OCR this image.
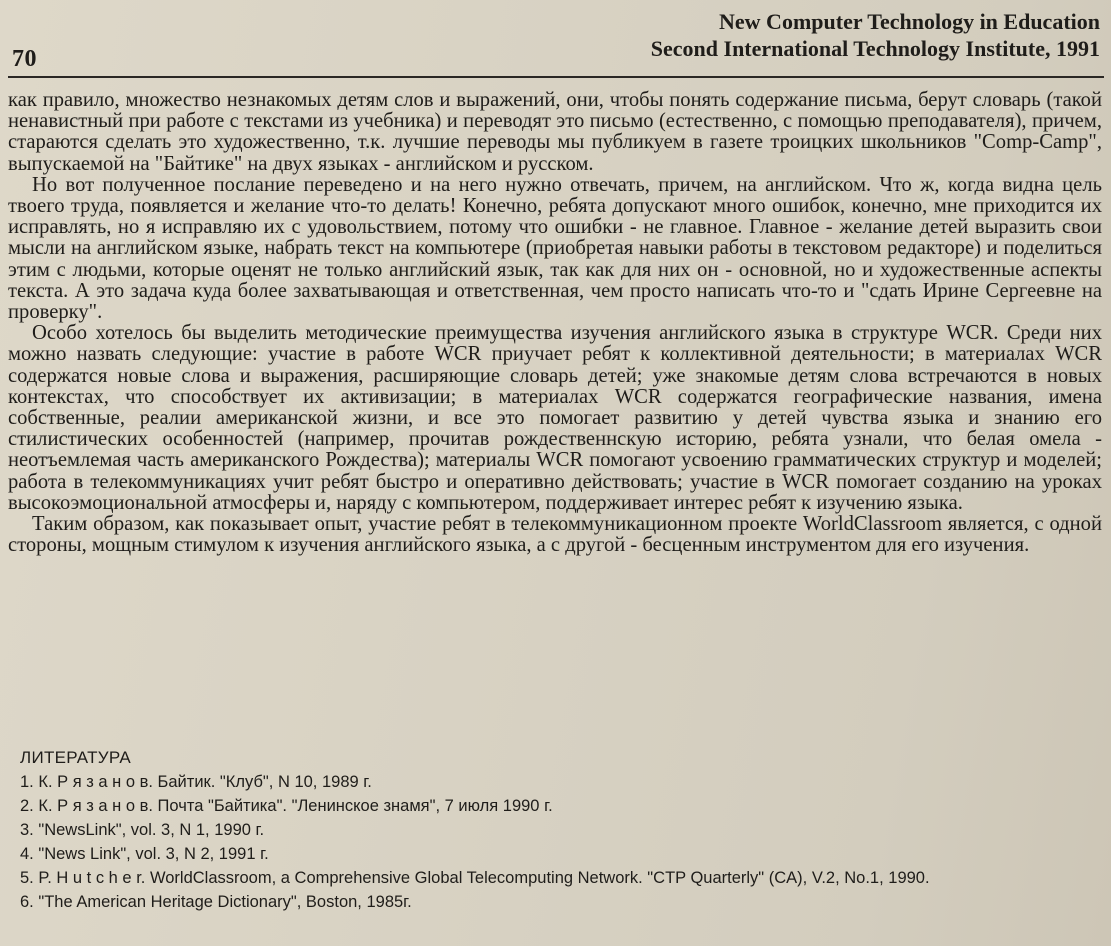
70
New Computer Technology in Education
Second International Technology Institute, 1991

как правило, множество незнакомых детям слов и выражений, они, чтобы понять содержание письма, берут словарь (такой ненавистный при работе с текстами из учебника) и переводят это письмо (естественно, с помощью преподавателя), причем, стараются сделать это художественно, т.к. лучшие переводы мы публикуем в газете троицких школьников "Comp-Camp", выпускаемой на "Байтике" на двух языках - английском и русском.

Но вот полученное послание переведено и на него нужно отвечать, причем, на английском. Что ж, когда видна цель твоего труда, появляется и желание что-то делать! Конечно, ребята допускают много ошибок, конечно, мне приходится их исправлять, но я исправляю их с удовольствием, потому что ошибки - не главное. Главное - желание детей выразить свои мысли на английском языке, набрать текст на компьютере (приобретая навыки работы в текстовом редакторе) и поделиться этим с людьми, которые оценят не только английский язык, так как для них он - основной, но и художественные аспекты текста. А это задача куда более захватывающая и ответственная, чем просто написать что-то и "сдать Ирине Сергеевне на проверку".

Особо хотелось бы выделить методические преимущества изучения английского языка в структуре WCR. Среди них можно назвать следующие: участие в работе WCR приучает ребят к коллективной деятельности; в материалах WCR содержатся новые слова и выражения, расширяющие словарь детей; уже знакомые детям слова встречаются в новых контекстах, что способствует их активизации; в материалах WCR содержатся географические названия, имена собственные, реалии американской жизни, и все это помогает развитию у детей чувства языка и знанию его стилистических особенностей (например, прочитав рождественнскую историю, ребята узнали, что белая омела - неотъемлемая часть американского Рождества); материалы WCR помогают усвоению грамматических структур и моделей; работа в телекоммуникациях учит ребят быстро и оперативно действовать; участие в WCR помогает созданию на уроках высокоэмоциональной атмосферы и, наряду с компьютером, поддерживает интерес ребят к изучению языка.

Таким образом, как показывает опыт, участие ребят в телекоммуникационном проекте WorldClassroom является, с одной стороны, мощным стимулом к изучения английского языка, а с другой - бесценным инструментом для его изучения.

ЛИТЕРАТУРА
1. К. Р я з а н о в. Байтик. "Клуб", N 10, 1989 г.
2. К. Р я з а н о в. Почта "Байтика". "Ленинское знамя", 7 июля 1990 г.
3. "NewsLink", vol. 3, N 1, 1990 г.
4. "News Link", vol. 3, N 2, 1991 г.
5. P. H u t c h e r. WorldClassroom, a Comprehensive Global Telecomputing Network. "CTP Quarterly" (CA), V.2, No.1, 1990.
6. "The American Heritage Dictionary", Boston, 1985г.
